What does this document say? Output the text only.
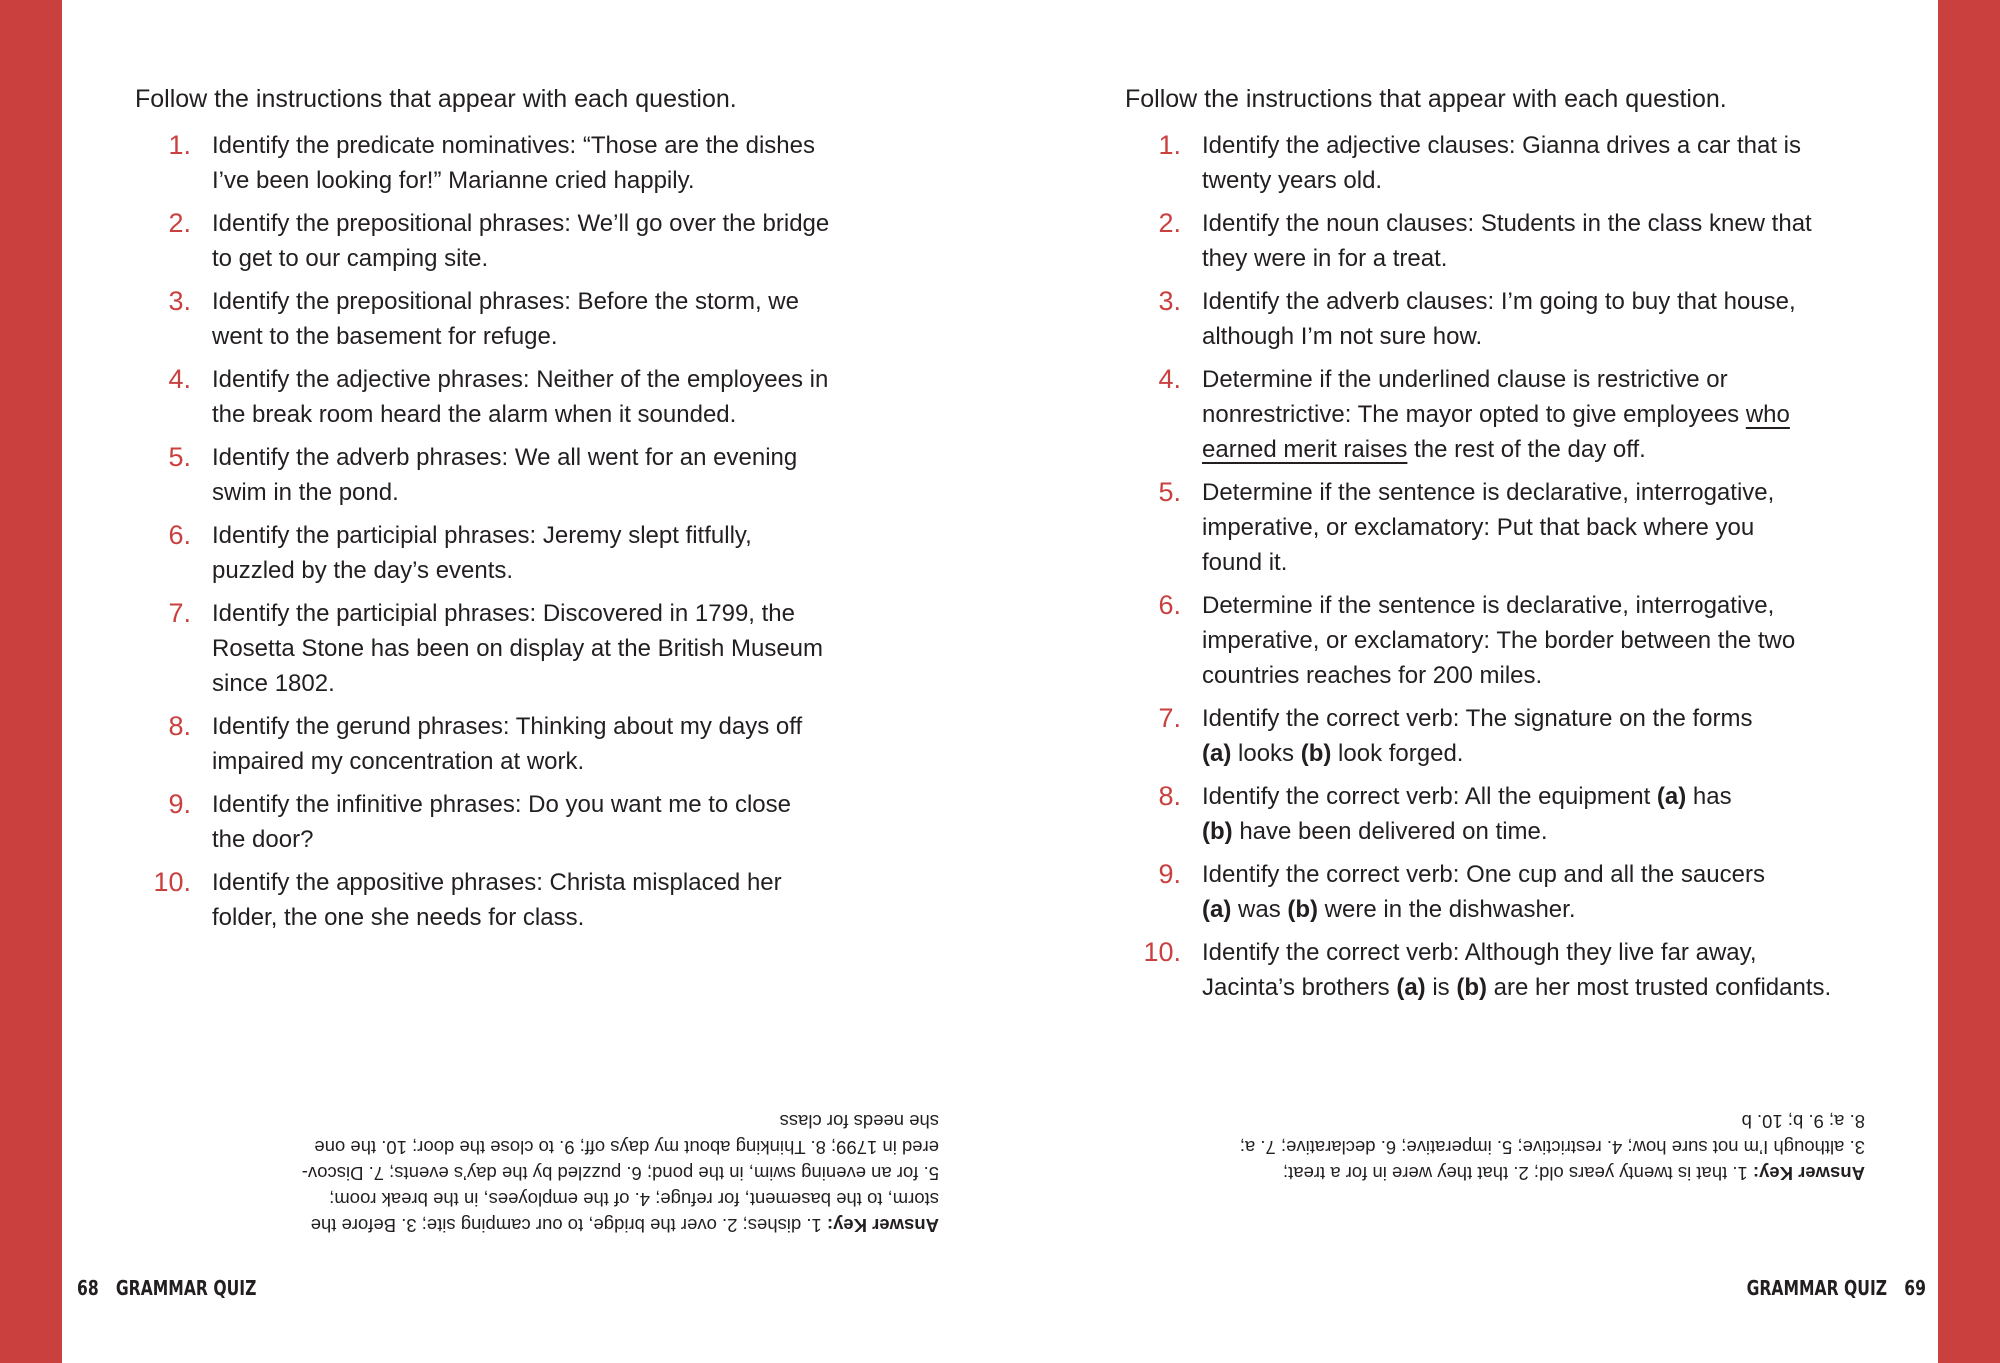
Follow the instructions that appear with each question.

1. Identify the predicate nominatives: “Those are the dishes
I’ve been looking for!” Marianne cried happily.
2. Identify the prepositional phrases: We’ll go over the bridge
to get to our camping site.
3. Identify the prepositional phrases: Before the storm, we
went to the basement for refuge.
4. Identify the adjective phrases: Neither of the employees in
the break room heard the alarm when it sounded.
5. Identify the adverb phrases: We all went for an evening
swim in the pond.
6. Identify the participial phrases: Jeremy slept fitfully,
puzzled by the day’s events.
7. Identify the participial phrases: Discovered in 1799, the
Rosetta Stone has been on display at the British Museum
since 1802.
8. Identify the gerund phrases: Thinking about my days off
impaired my concentration at work.
9. Identify the infinitive phrases: Do you want me to close
the door?
10. Identify the appositive phrases: Christa misplaced her
folder, the one she needs for class.

Answer Key: 1. dishes; 2. over the bridge, to our camping site; 3. Before the
storm, to the basement, for refuge; 4. of the employees, in the break room;
5. for an evening swim, in the pond; 6. puzzled by the day’s events; 7. Discov-
ered in 1799; 8. Thinking about my days off; 9. to close the door; 10. the one
she needs for class

68 GRAMMAR QUIZ

Follow the instructions that appear with each question.

1. Identify the adjective clauses: Gianna drives a car that is
twenty years old.
2. Identify the noun clauses: Students in the class knew that
they were in for a treat.
3. Identify the adverb clauses: I’m going to buy that house,
although I’m not sure how.
4. Determine if the underlined clause is restrictive or
nonrestrictive: The mayor opted to give employees who
earned merit raises the rest of the day off.
5. Determine if the sentence is declarative, interrogative,
imperative, or exclamatory: Put that back where you
found it.
6. Determine if the sentence is declarative, interrogative,
imperative, or exclamatory: The border between the two
countries reaches for 200 miles.
7. Identify the correct verb: The signature on the forms
(a) looks (b) look forged.
8. Identify the correct verb: All the equipment (a) has
(b) have been delivered on time.
9. Identify the correct verb: One cup and all the saucers
(a) was (b) were in the dishwasher.
10. Identify the correct verb: Although they live far away,
Jacinta’s brothers (a) is (b) are her most trusted confidants.

Answer Key: 1. that is twenty years old; 2. that they were in for a treat;
3. although I’m not sure how; 4. restrictive; 5. imperative; 6. declarative; 7. a;
8. a; 9. b; 10. b

GRAMMAR QUIZ 69
